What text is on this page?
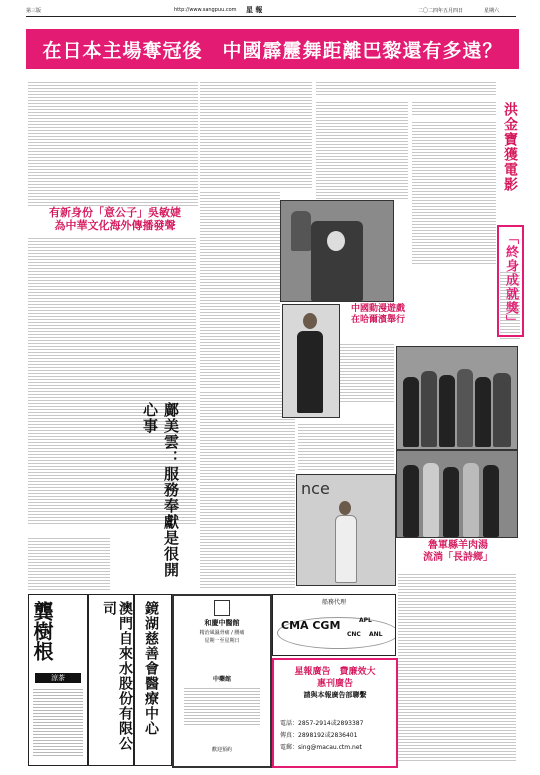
第三版	http://www.sangpuu.com 星 報	二〇二四年五月四日	星期六
在日本主場奪冠後　中國霹靂舞距離巴黎還有多遠？
有新身份「意公子」吳敏婕
為中華文化海外傳播發聲
鄺美雲：服務奉獻是很開心事
洪金寶獲電影
「終身成就獎」
中國動漫遊戲
在哈爾濱舉行
nce
魯軍縣羊肉湯
流淌「長詩鄉」
龔樹根
涼茶	澳門自來水股份有限公司	鏡湖慈善會醫療中心	和慶中醫館
精治風濕骨痛 / 腰痛
星期一至星期日
中藥館
歡迎預約
船務代理
CMA CGM	APL
CNC ANL
星報廣告　費廉效大
惠刊廣告
請與本報廣告部聯繫
電話：2857-2914或2893387
傳真：2898192或2836401
電郵：sing@macau.ctm.net
